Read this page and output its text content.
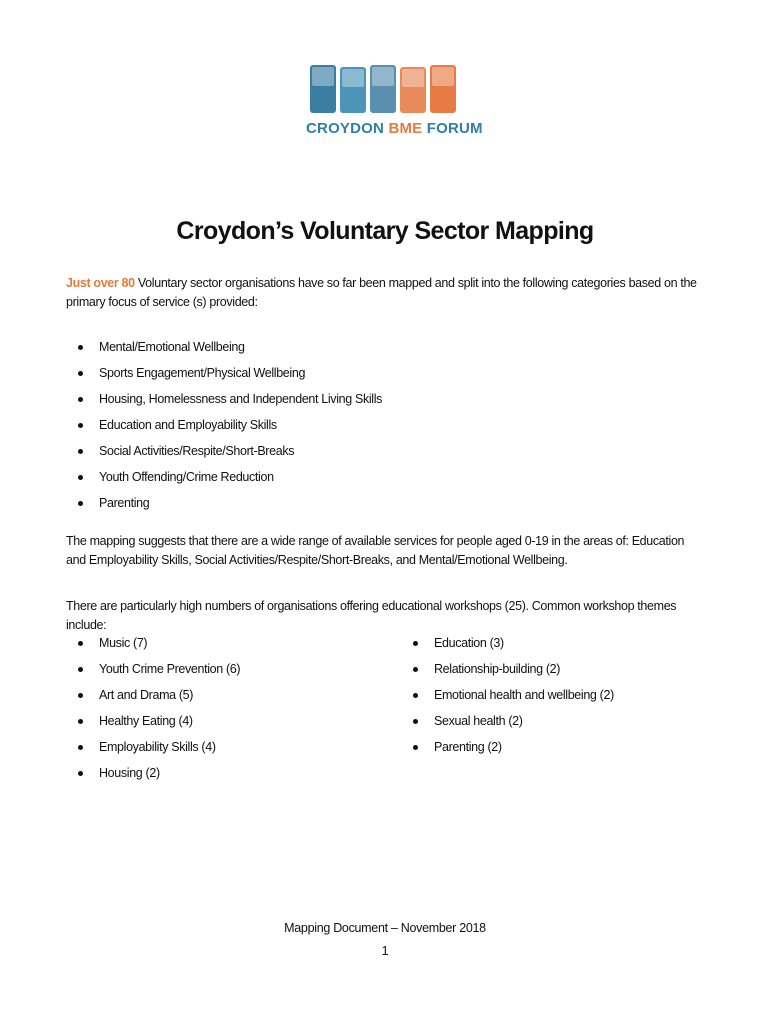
CROYDON BME FORUM
Croydon’s Voluntary Sector Mapping
Just over 80 Voluntary sector organisations have so far been mapped and split into the following categories based on the primary focus of service (s) provided:
Mental/Emotional Wellbeing
Sports Engagement/Physical Wellbeing
Housing, Homelessness and Independent Living Skills
Education and Employability Skills
Social Activities/Respite/Short-Breaks
Youth Offending/Crime Reduction
Parenting
The mapping suggests that there are a wide range of available services for people aged 0-19 in the areas of: Education and Employability Skills, Social Activities/Respite/Short-Breaks, and Mental/Emotional Wellbeing.
There are particularly high numbers of organisations offering educational workshops (25). Common workshop themes include:
Music (7)
Youth Crime Prevention (6)
Art and Drama (5)
Healthy Eating (4)
Employability Skills (4)
Housing (2)
Education (3)
Relationship-building (2)
Emotional health and wellbeing (2)
Sexual health (2)
Parenting (2)
Mapping Document – November 2018
1
